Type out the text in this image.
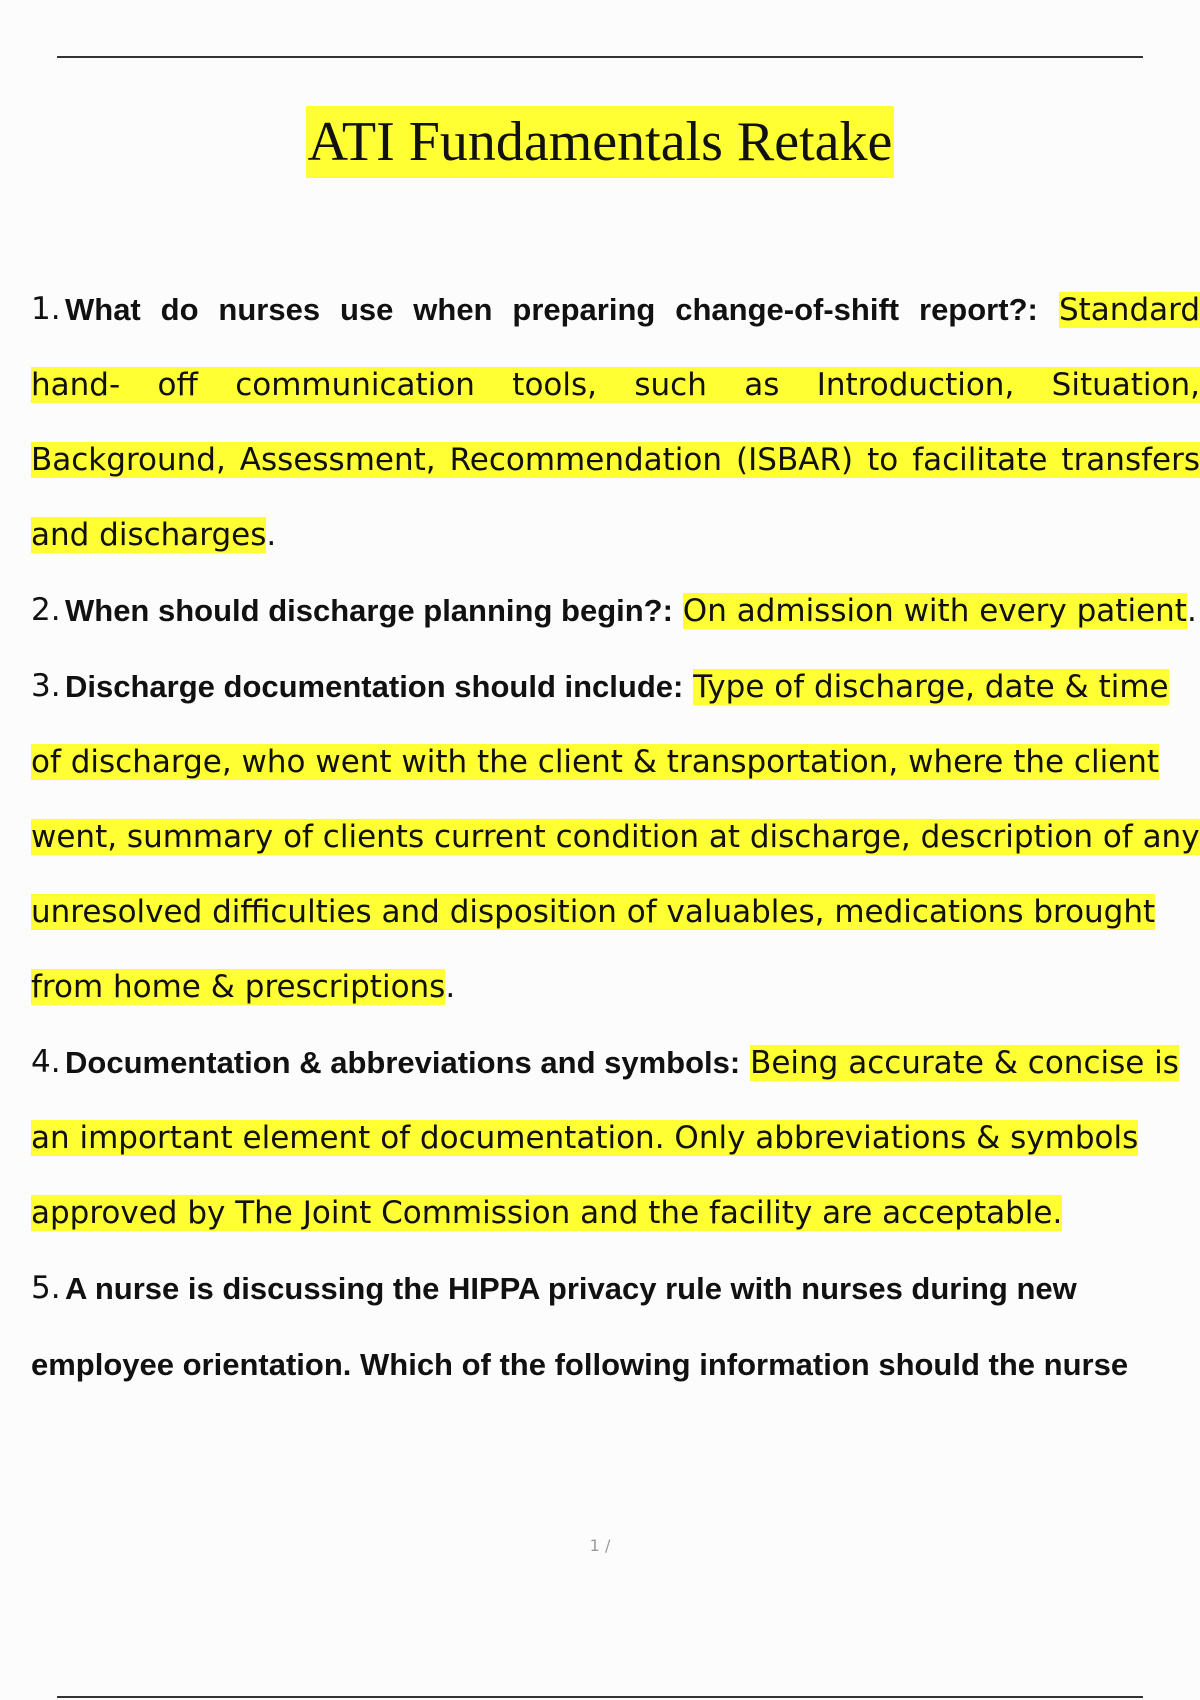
ATI Fundamentals Retake

1. What do nurses use when preparing change-of-shift report?: Standard hand- off communication tools, such as Introduction, Situation, Background, Assessment, Recommendation (ISBAR) to facilitate transfers and discharges.

2. When should discharge planning begin?: On admission with every patient.

3. Discharge documentation should include: Type of discharge, date & time of discharge, who went with the client & transportation, where the client went, summary of clients current condition at discharge, description of any unresolved difficulties and disposition of valuables, medications brought from home & prescriptions.

4. Documentation & abbreviations and symbols: Being accurate & concise is an important element of documentation. Only abbreviations & symbols approved by The Joint Commission and the facility are acceptable.

5. A nurse is discussing the HIPPA privacy rule with nurses during new employee orientation. Which of the following information should the nurse

1 /
